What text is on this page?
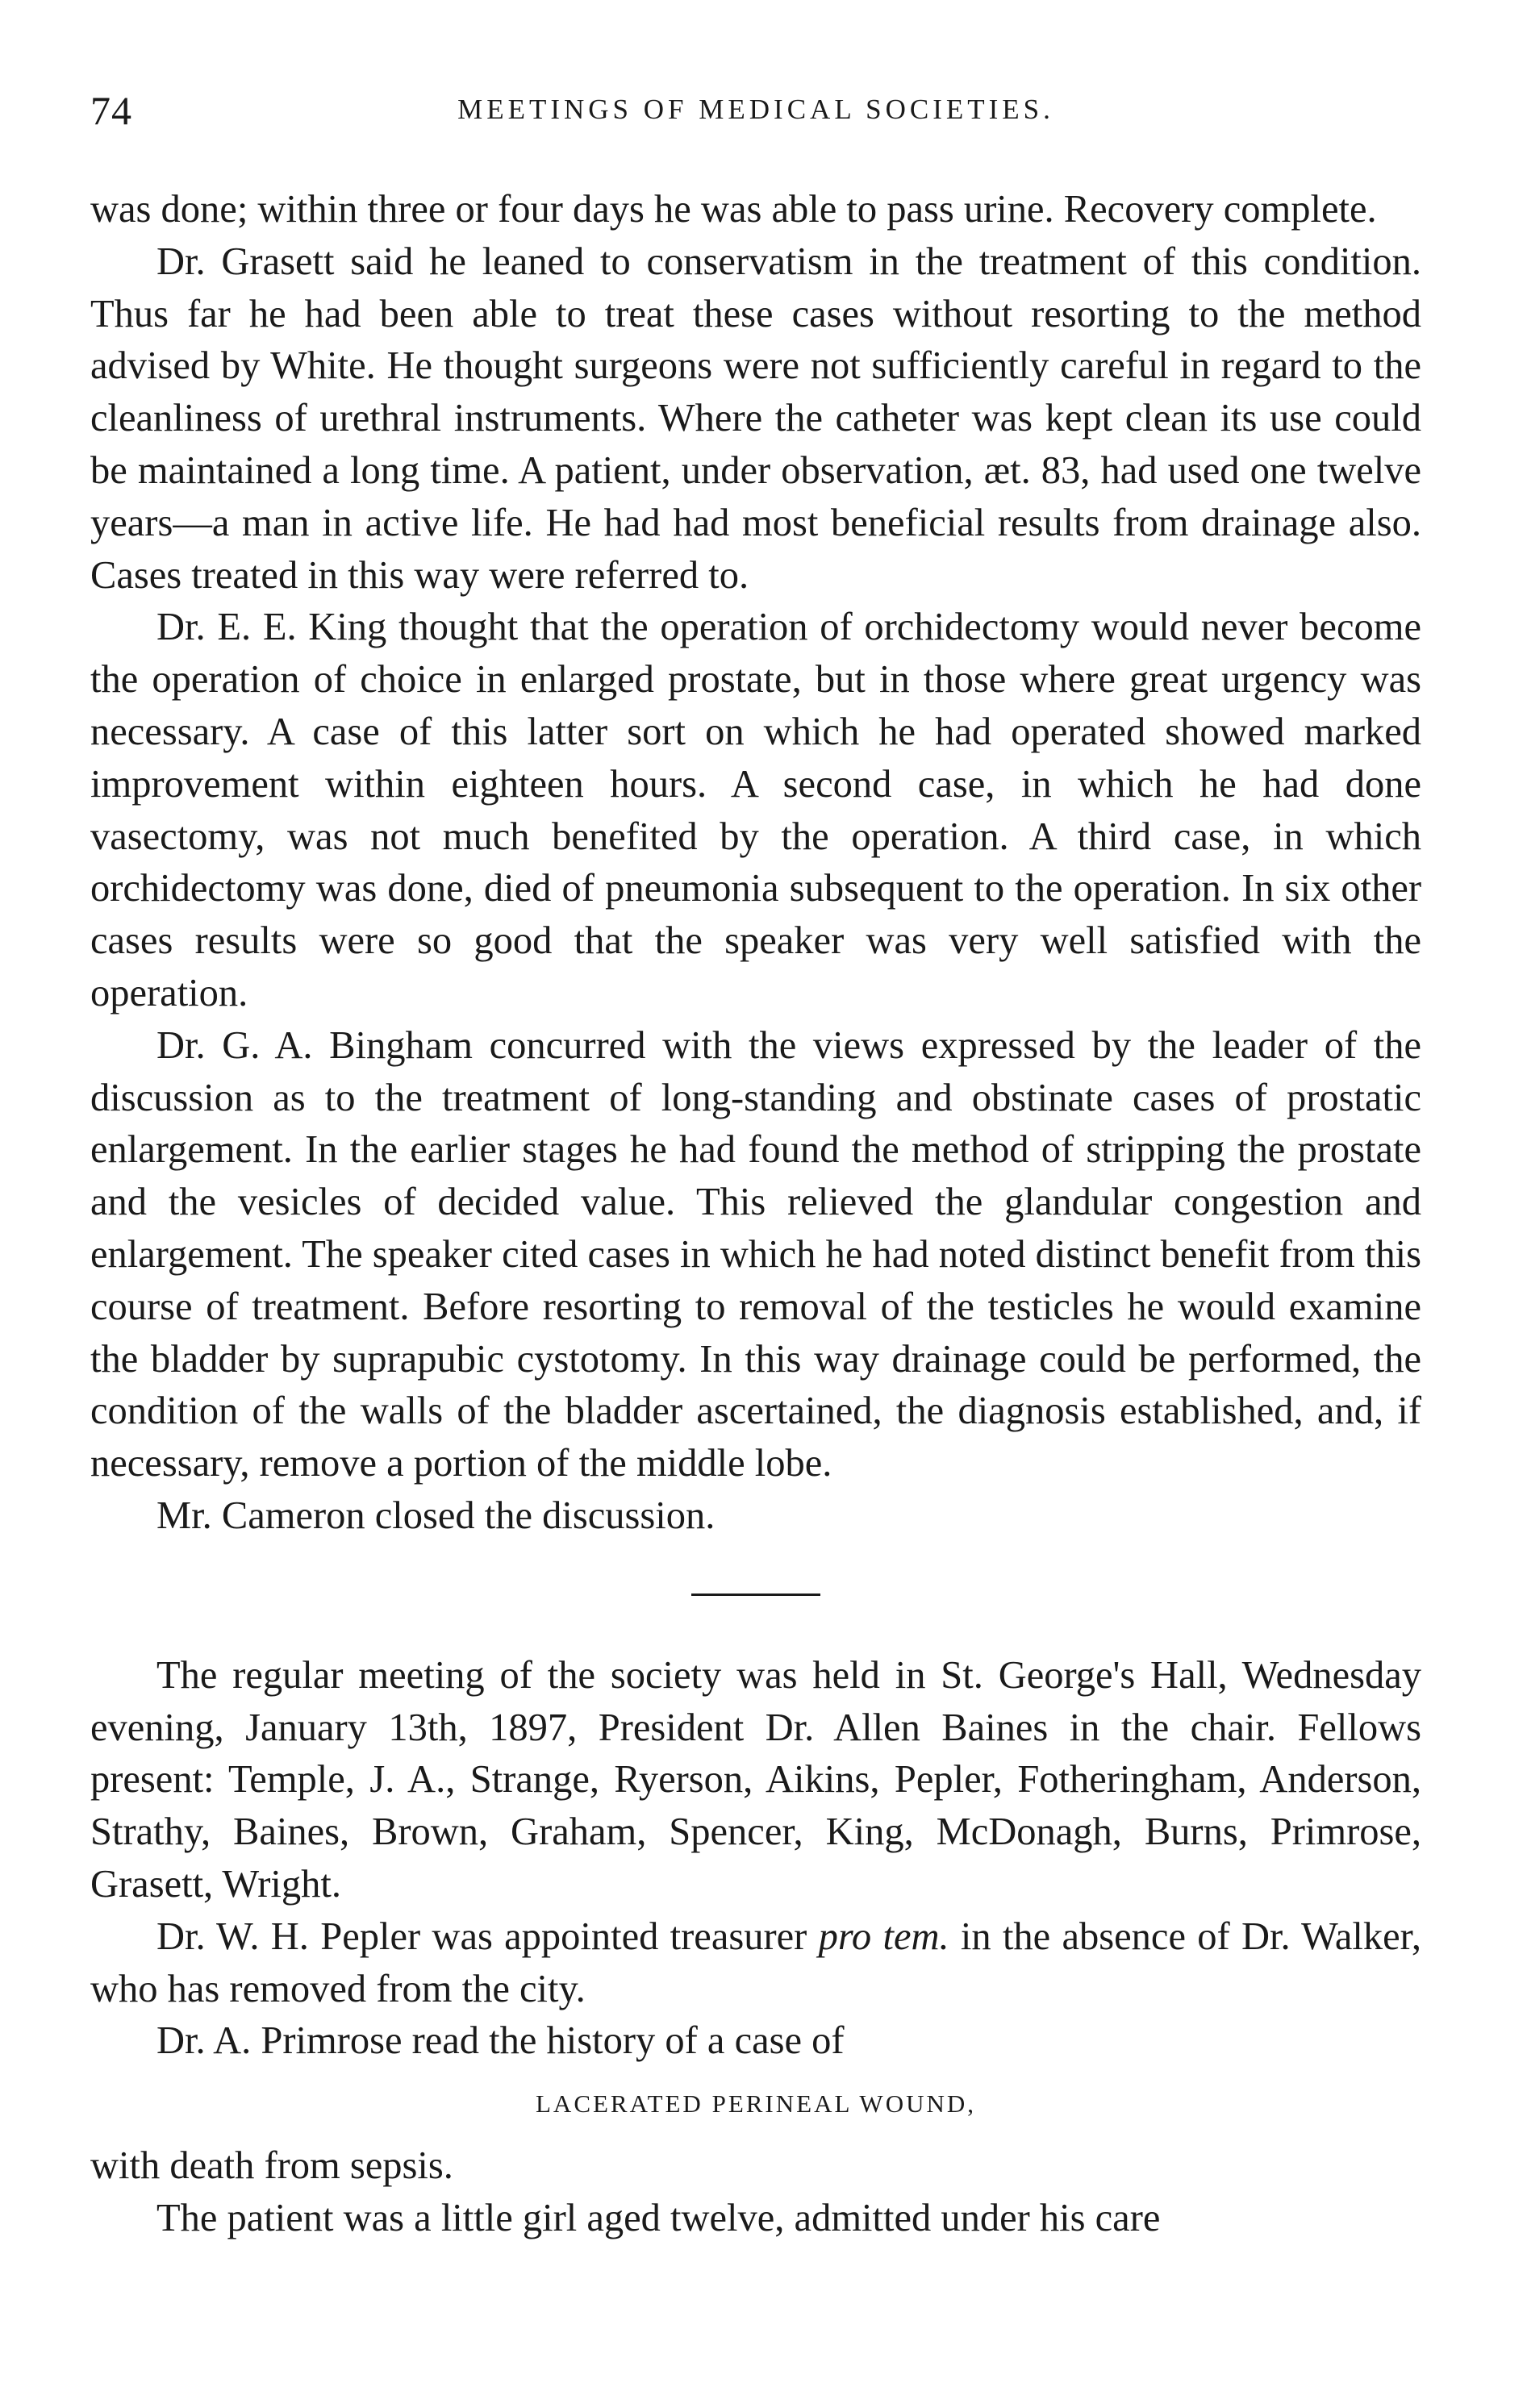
74	MEETINGS OF MEDICAL SOCIETIES.

was done; within three or four days he was able to pass urine. Recovery complete.

Dr. Grasett said he leaned to conservatism in the treatment of this condition. Thus far he had been able to treat these cases without resorting to the method advised by White. He thought surgeons were not sufficiently careful in regard to the cleanliness of urethral instruments. Where the catheter was kept clean its use could be maintained a long time. A patient, under observation, æt. 83, had used one twelve years—a man in active life. He had had most beneficial results from drainage also. Cases treated in this way were referred to.

Dr. E. E. King thought that the operation of orchidectomy would never become the operation of choice in enlarged prostate, but in those where great urgency was necessary. A case of this latter sort on which he had operated showed marked improvement within eighteen hours. A second case, in which he had done vasectomy, was not much benefited by the operation. A third case, in which orchidectomy was done, died of pneumonia subsequent to the operation. In six other cases results were so good that the speaker was very well satisfied with the operation.

Dr. G. A. Bingham concurred with the views expressed by the leader of the discussion as to the treatment of long-standing and obstinate cases of prostatic enlargement. In the earlier stages he had found the method of stripping the prostate and the vesicles of decided value. This relieved the glandular congestion and enlargement. The speaker cited cases in which he had noted distinct benefit from this course of treatment. Before resorting to removal of the testicles he would examine the bladder by suprapubic cystotomy. In this way drainage could be performed, the condition of the walls of the bladder ascertained, the diagnosis established, and, if necessary, remove a portion of the middle lobe.

Mr. Cameron closed the discussion.

The regular meeting of the society was held in St. George's Hall, Wednesday evening, January 13th, 1897, President Dr. Allen Baines in the chair. Fellows present: Temple, J. A., Strange, Ryerson, Aikins, Pepler, Fotheringham, Anderson, Strathy, Baines, Brown, Graham, Spencer, King, McDonagh, Burns, Primrose, Grasett, Wright.

Dr. W. H. Pepler was appointed treasurer pro tem. in the absence of Dr. Walker, who has removed from the city.

Dr. A. Primrose read the history of a case of

LACERATED PERINEAL WOUND,

with death from sepsis.

The patient was a little girl aged twelve, admitted under his care
